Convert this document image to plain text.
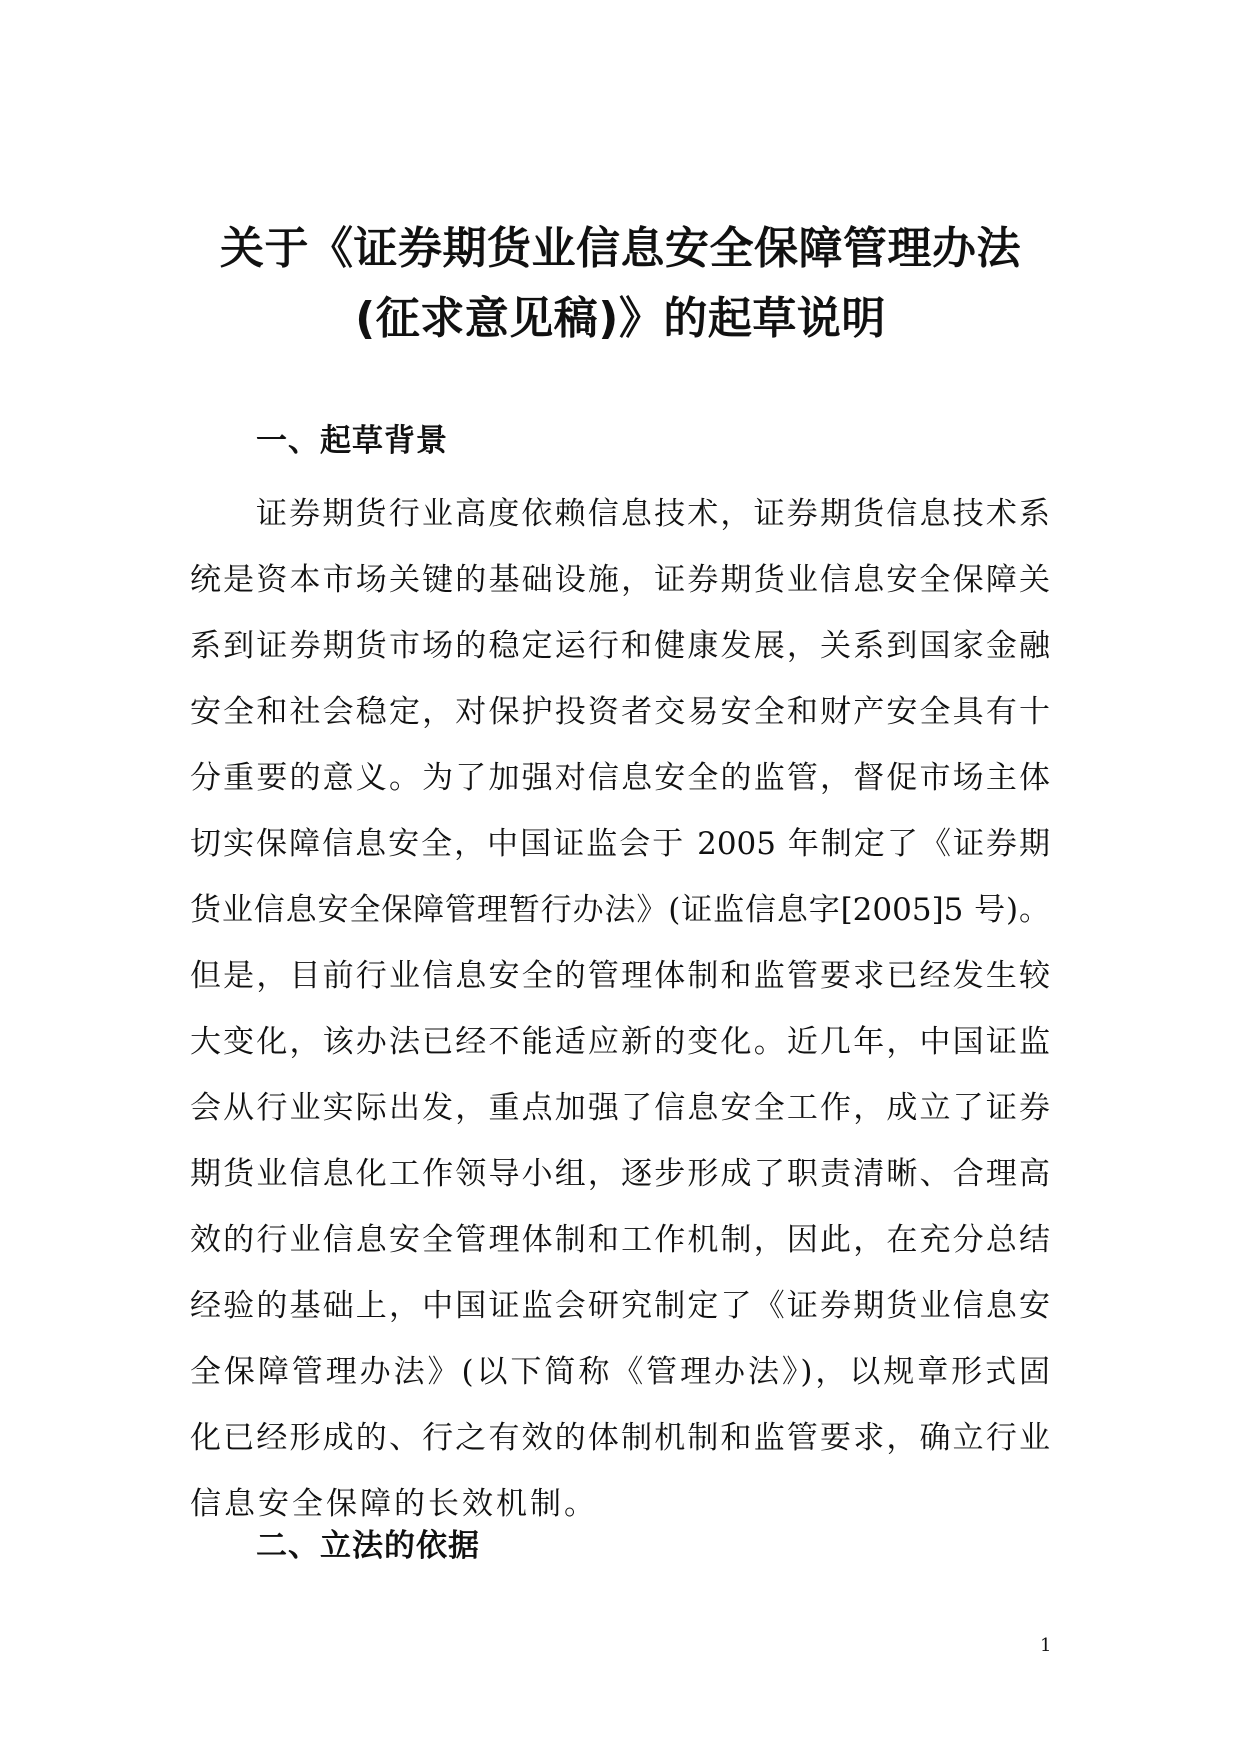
关于《证券期货业信息安全保障管理办法
(征求意见稿)》的起草说明
一、起草背景
证券期货行业高度依赖信息技术，证券期货信息技术系
统是资本市场关键的基础设施，证券期货业信息安全保障关
系到证券期货市场的稳定运行和健康发展，关系到国家金融
安全和社会稳定，对保护投资者交易安全和财产安全具有十
分重要的意义。为了加强对信息安全的监管，督促市场主体
切实保障信息安全，中国证监会于 2005 年制定了《证券期
货业信息安全保障管理暂行办法》(证监信息字[2005]5 号)。
但是，目前行业信息安全的管理体制和监管要求已经发生较
大变化，该办法已经不能适应新的变化。近几年，中国证监
会从行业实际出发，重点加强了信息安全工作，成立了证券
期货业信息化工作领导小组，逐步形成了职责清晰、合理高
效的行业信息安全管理体制和工作机制，因此，在充分总结
经验的基础上，中国证监会研究制定了《证券期货业信息安
全保障管理办法》(以下简称《管理办法》)，以规章形式固
化已经形成的、行之有效的体制机制和监管要求，确立行业
信息安全保障的长效机制。
二、立法的依据
1
